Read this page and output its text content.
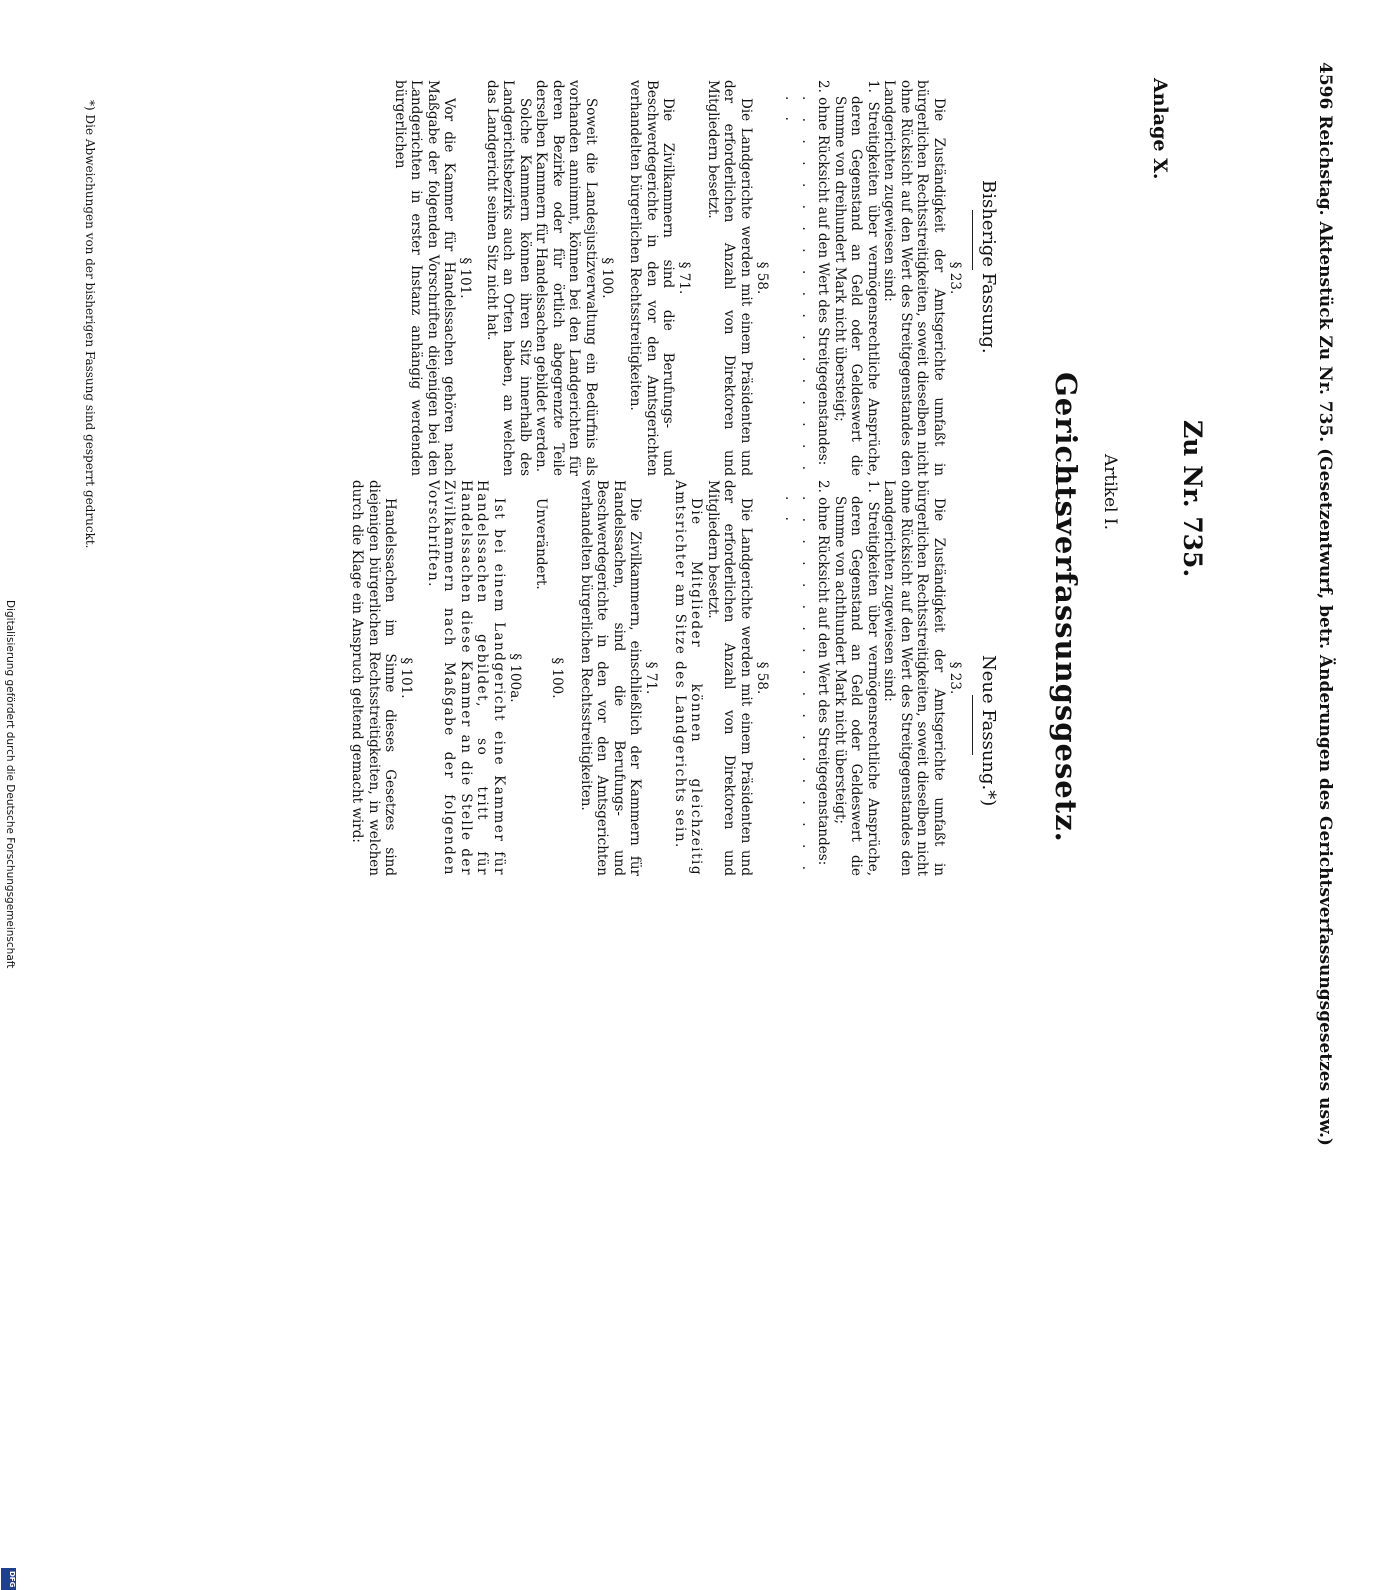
4596 Reichstag. Aktenstück Zu Nr. 735. (Gesetzentwurf, betr. Änderungen des Gerichtsverfassungsgesetzes usw.)
Anlage X.
Zu Nr. 735.
Gerichtsverfassungsgesetz. Artikel I.
Bisherige Fassung.
Neue Fassung.*)
§ 23.
Die Zuständigkeit der Amtsgerichte umfaßt in bürgerlichen Rechtsstreitigkeiten, soweit dieselben nicht ohne Rücksicht auf den Wert des Streitgegenstandes den Landgerichten zugewiesen sind:
1. Streitigkeiten über vermögensrechtliche Ansprüche, deren Gegenstand an Geld oder Geldeswert die Summe von dreihundert Mark nicht übersteigt;
2. ohne Rücksicht auf den Wert des Streitgegenstandes:
. . . . . . . . . . . . . . . . . . . .
§ 58.
Die Landgerichte werden mit einem Präsidenten und der erforderlichen Anzahl von Direktoren und Mitgliedern besetzt.
§ 71.
Die Zivilkammern sind die Berufungs- und Beschwerdegerichte in den vor den Amtsgerichten verhandelten bürgerlichen Rechtsstreitigkeiten.
§ 100.
Soweit die Landesjustizverwaltung ein Bedürfnis als vorhanden annimmt, können bei den Landgerichten für deren Bezirke oder für örtlich abgegrenzte Teile derselben Kammern für Handelssachen gebildet werden.
Solche Kammern können ihren Sitz innerhalb des Landgerichtsbezirks auch an Orten haben, an welchen das Landgericht seinen Sitz nicht hat.
§ 101.
Vor die Kammer für Handelssachen gehören nach Maßgabe der folgenden Vorschriften diejenigen bei den Landgerichten in erster Instanz anhängig werdenden bürgerlichen
§ 23.
Die Zuständigkeit der Amtsgerichte umfaßt in bürgerlichen Rechtsstreitigkeiten, soweit dieselben nicht ohne Rücksicht auf den Wert des Streitgegenstandes den Landgerichten zugewiesen sind:
1. Streitigkeiten über vermögensrechtliche Ansprüche, deren Gegenstand an Geld oder Geldeswert die Summe von achthundert Mark nicht übersteigt;
2. ohne Rücksicht auf den Wert des Streitgegenstandes:
. . . . . . . . . . . . . . . . . . . .
§ 58.
Die Landgerichte werden mit einem Präsidenten und der erforderlichen Anzahl von Direktoren und Mitgliedern besetzt.
Die Mitglieder können gleichzeitig Amtsrichter am Sitze des Landgerichts sein.
§ 71.
Die Zivilkammern, einschließlich der Kammern für Handelssachen, sind die Berufungs- und Beschwerdegerichte in den vor den Amtsgerichten verhandelten bürgerlichen Rechtsstreitigkeiten.
§ 100.
Unverändert.
§ 100a.
Ist bei einem Landgericht eine Kammer für Handelssachen gebildet, so tritt für Handelssachen diese Kammer an die Stelle der Zivilkammern nach Maßgabe der folgenden Vorschriften.
§ 101.
Handelssachen im Sinne dieses Gesetzes sind diejenigen bürgerlichen Rechtsstreitigkeiten, in welchen durch die Klage ein Anspruch geltend gemacht wird:
*) Die Abweichungen von der bisherigen Fassung sind gesperrt gedruckt.
Digitalisierung gefördert durch die Deutsche Forschungsgemeinschaft
DFG
